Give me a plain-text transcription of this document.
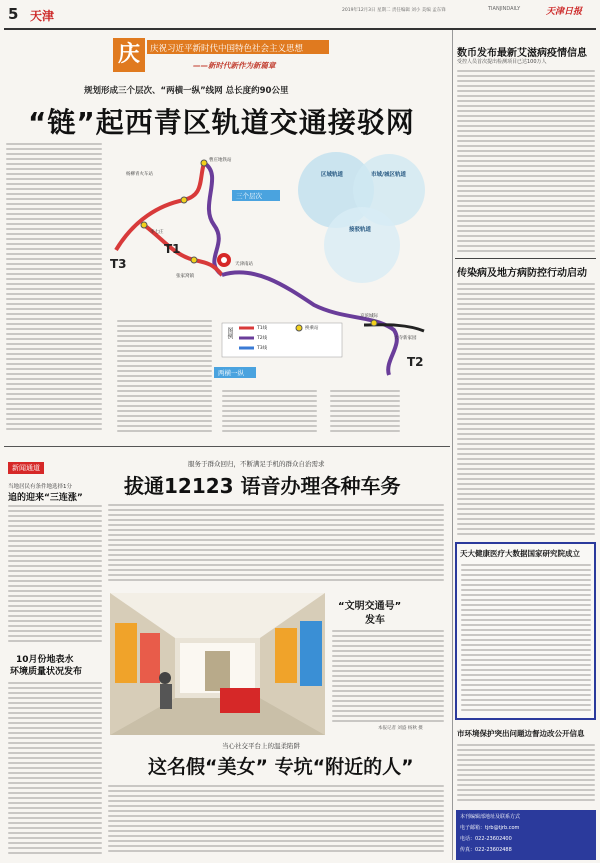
5 天津	2019年12月3日 星期二 责任编辑 刘小 美编 孟东锋	TIANJINDAILY	天津日报
庆	庆祝习近平新时代中国特色社会主义思想
——新时代新作为新篇章
规划形成三个层次、“两横一纵”线网 总长度约90公里
“链”起西青区轨道交通接驳网
T1
T2
T3
三个层次
两横一纵
区域轨道	市域/城区轨道
接驳轨道
图例	T1线
T2线
T3线
换乘站
曹庄地铁站
杨柳青火车站
李七庄
张家窝镇
天津南站
京滨城际
大寺新家园
数币发布最新艾滋病疫情信息
受控人员首次提出检测项目已达100万人
传染病及地方病防控行动启动
天大健康医疗大数据国家研究院成立
市环境保护突出问题边督边改公开信息
本刊编辑部地址及联系方式
电子邮箱：tjrb@tjrb.com
电话：022-23602400
传真：022-23602488
新闻通道
当地居民有条件地选择1分
追的迎来“三连涨”
10月份地表水
环境质量状况发布
服务于群众回归，不断满足手机的群众自治需求
拔通12123 语音办理各种车务
“文明交通号”
发车
本报记者 刘盛 杨秋 摄
当心社交平台上的温柔陷阱
这名假“美女” 专坑“附近的人”
